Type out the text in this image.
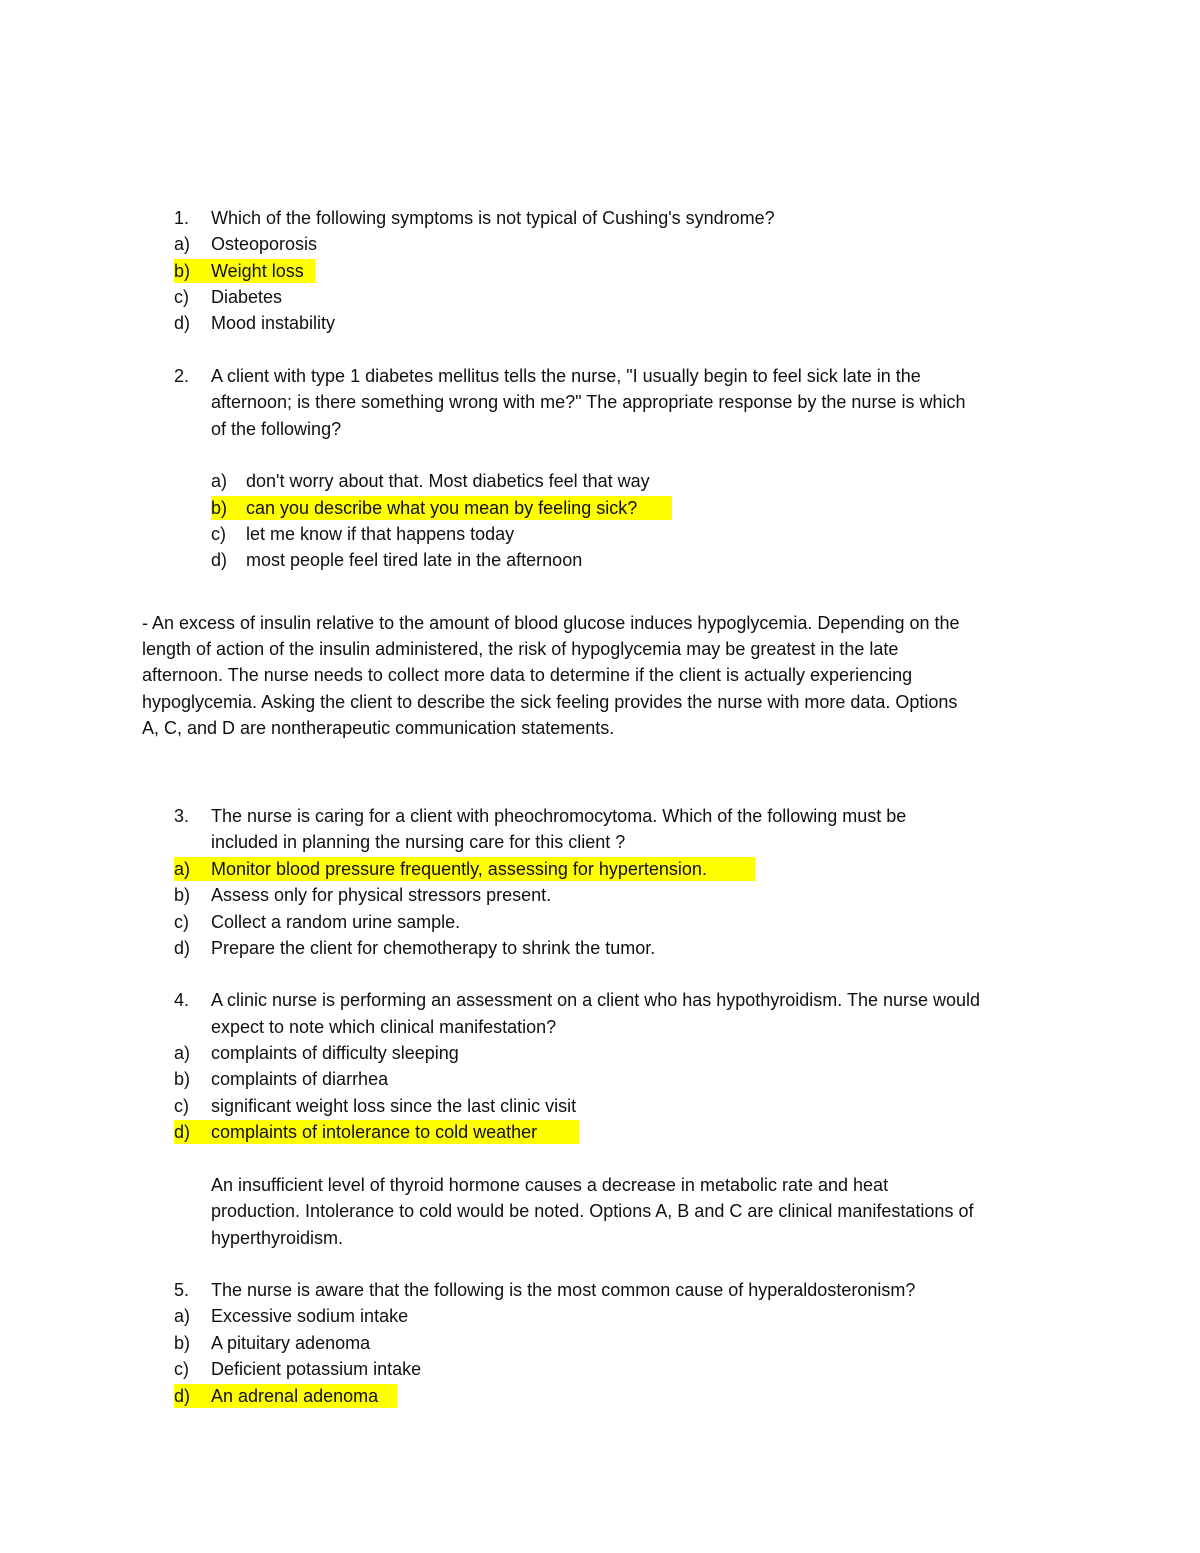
1. Which of the following symptoms is not typical of Cushing's syndrome?
a) Osteoporosis
b) Weight loss
c) Diabetes
d) Mood instability
2. A client with type 1 diabetes mellitus tells the nurse, "I usually begin to feel sick late in the
afternoon; is there something wrong with me?" The appropriate response by the nurse is which
of the following?
a) don't worry about that. Most diabetics feel that way
b) can you describe what you mean by feeling sick?
c) let me know if that happens today
d) most people feel tired late in the afternoon
- An excess of insulin relative to the amount of blood glucose induces hypoglycemia. Depending on the
length of action of the insulin administered, the risk of hypoglycemia may be greatest in the late
afternoon. The nurse needs to collect more data to determine if the client is actually experiencing
hypoglycemia. Asking the client to describe the sick feeling provides the nurse with more data. Options
A, C, and D are nontherapeutic communication statements.
3. The nurse is caring for a client with pheochromocytoma. Which of the following must be
included in planning the nursing care for this client ?
a) Monitor blood pressure frequently, assessing for hypertension.
b) Assess only for physical stressors present.
c) Collect a random urine sample.
d) Prepare the client for chemotherapy to shrink the tumor.
4. A clinic nurse is performing an assessment on a client who has hypothyroidism. The nurse would
expect to note which clinical manifestation?
a) complaints of difficulty sleeping
b) complaints of diarrhea
c) significant weight loss since the last clinic visit
d) complaints of intolerance to cold weather
An insufficient level of thyroid hormone causes a decrease in metabolic rate and heat
production. Intolerance to cold would be noted. Options A, B and C are clinical manifestations of
hyperthyroidism.
5. The nurse is aware that the following is the most common cause of hyperaldosteronism?
a) Excessive sodium intake
b) A pituitary adenoma
c) Deficient potassium intake
d) An adrenal adenoma
